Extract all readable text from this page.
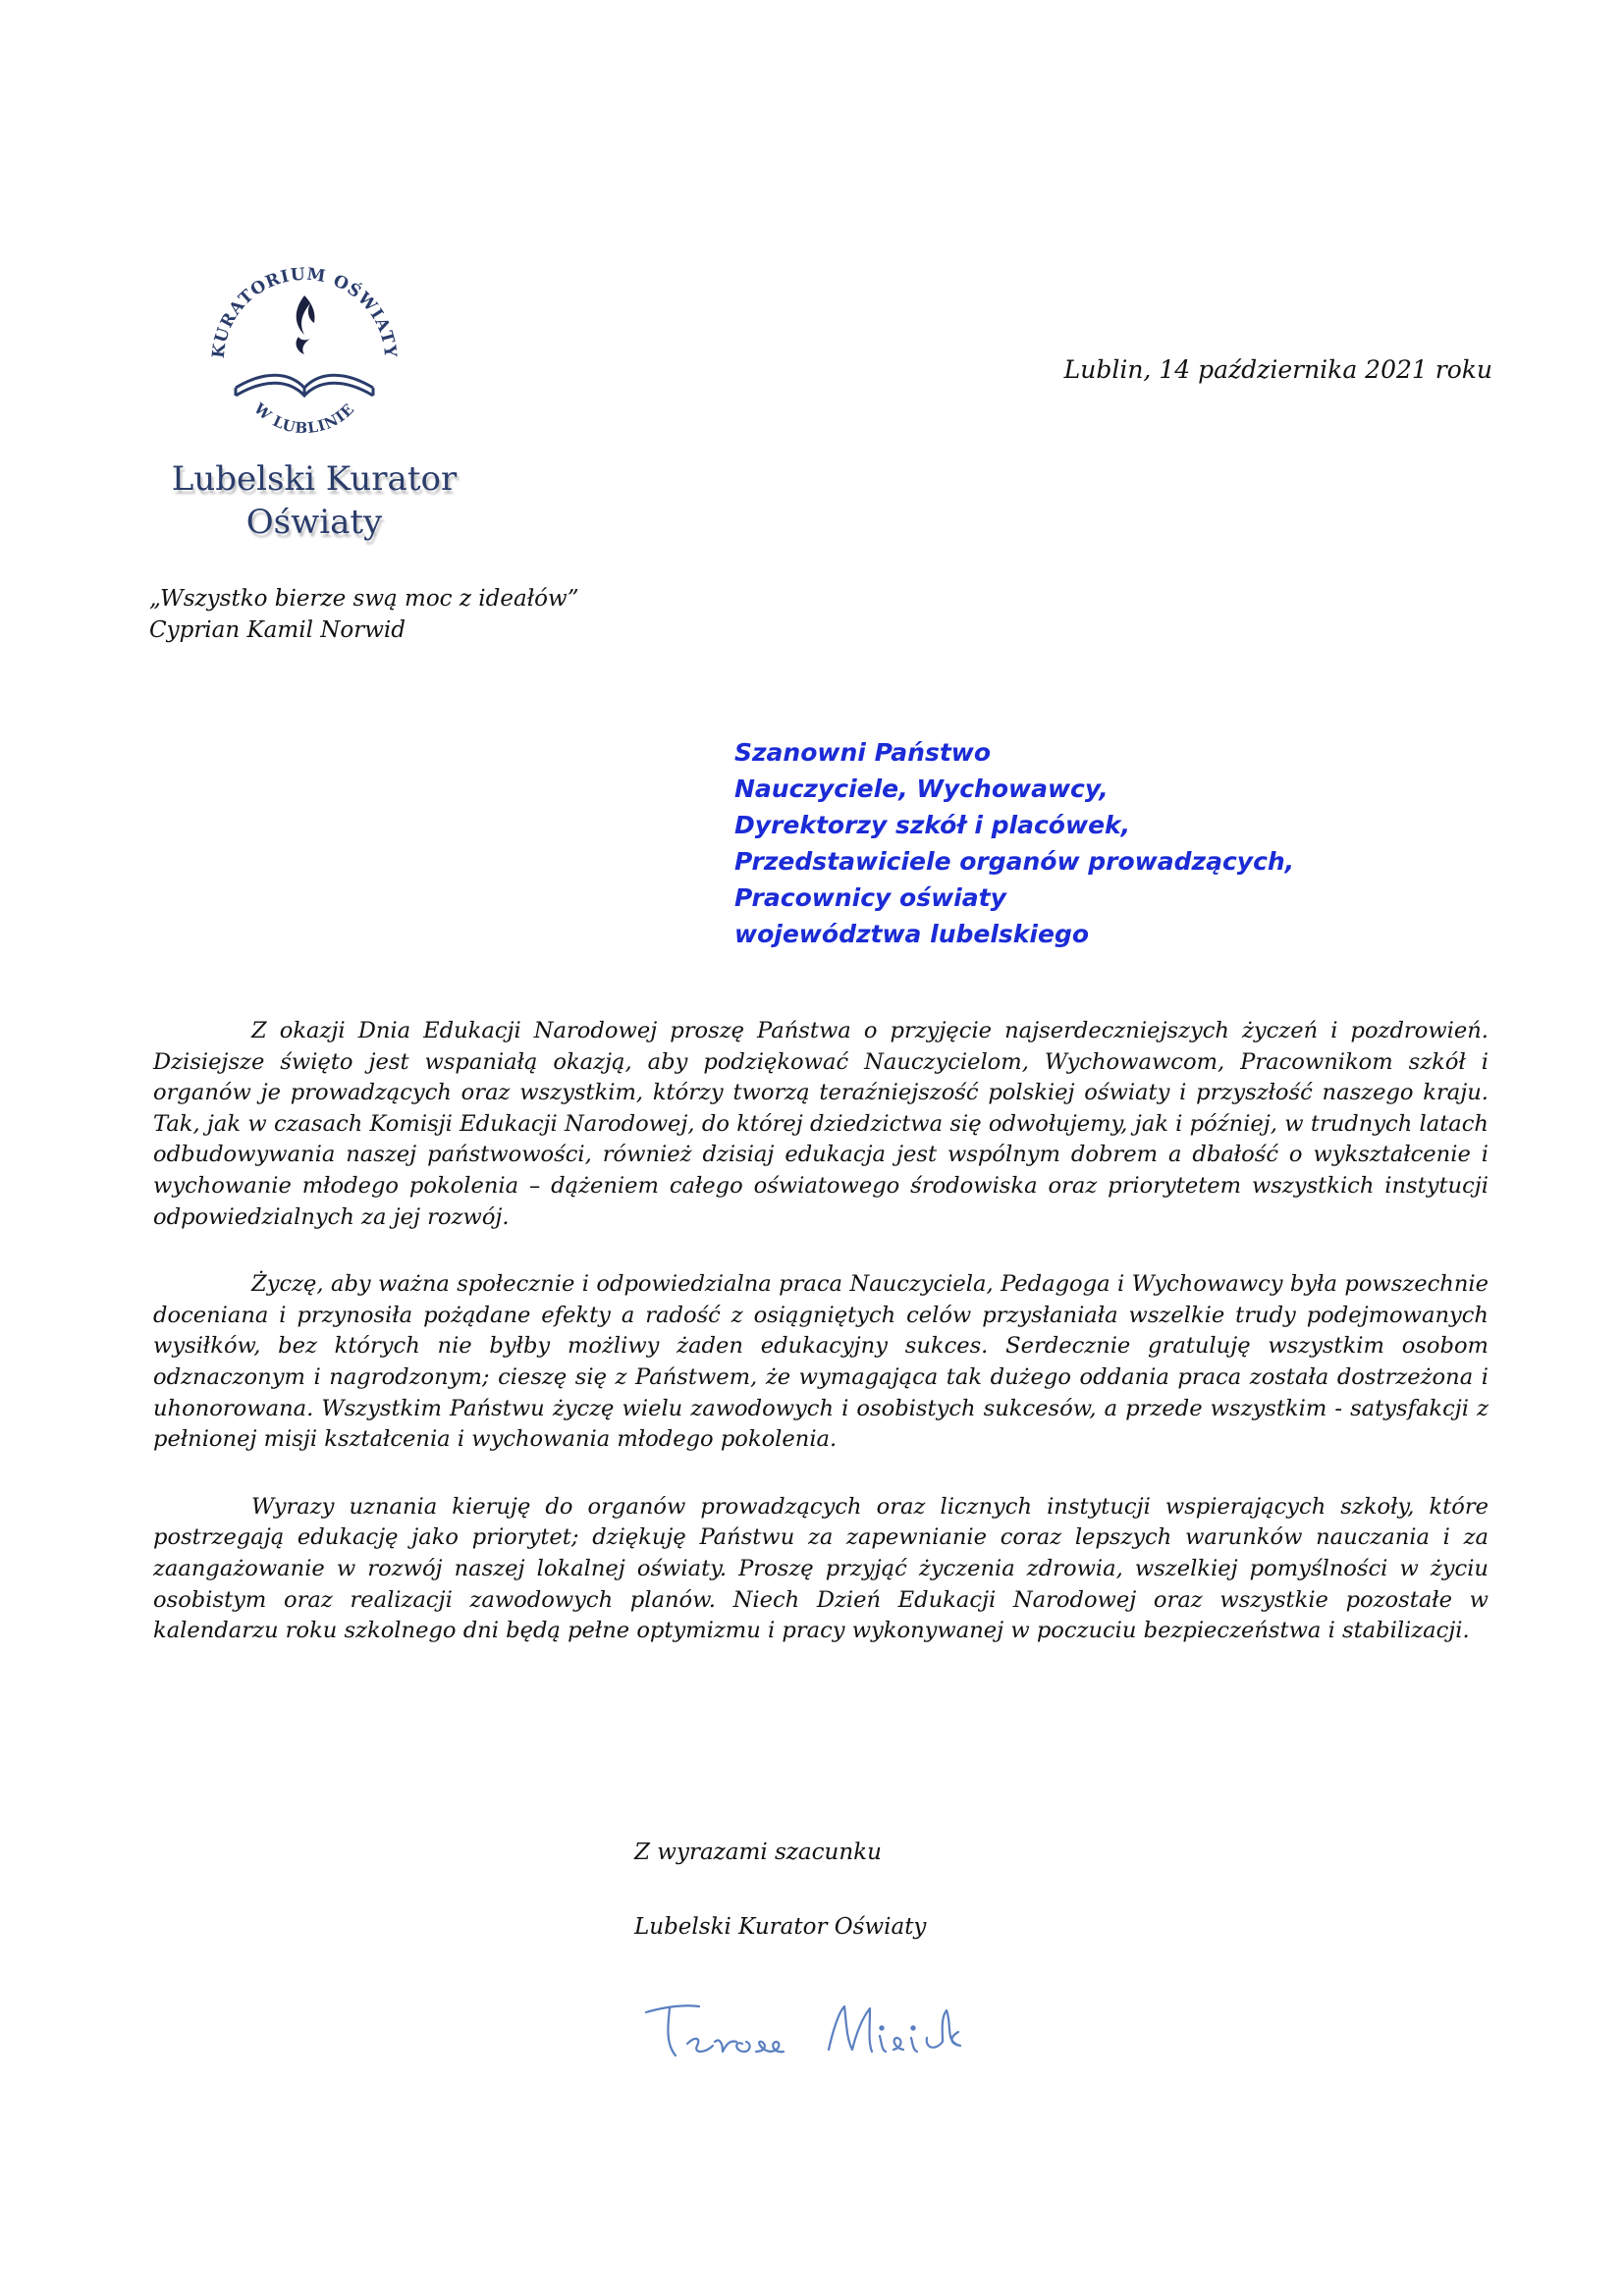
KURATORIUM OŚWIATY
W LUBLINIE
Lubelski Kurator
Oświaty
„Wszystko bierze swą moc z ideałów”
Cyprian Kamil Norwid
Lublin, 14 października 2021 roku
Szanowni Państwo
Nauczyciele, Wychowawcy,
Dyrektorzy szkół i placówek,
Przedstawiciele organów prowadzących,
Pracownicy oświaty
województwa lubelskiego

Z okazji Dnia Edukacji Narodowej proszę Państwa o przyjęcie najserdeczniejszych życzeń i pozdrowień. Dzisiejsze święto jest wspaniałą okazją, aby podziękować Nauczycielom, Wychowawcom, Pracownikom szkół i organów je prowadzących oraz wszystkim, którzy tworzą teraźniejszość polskiej oświaty i przyszłość naszego kraju. Tak, jak w czasach Komisji Edukacji Narodowej, do której dziedzictwa się odwołujemy, jak i później, w trudnych latach odbudowywania naszej państwowości, również dzisiaj edukacja jest wspólnym dobrem a dbałość o wykształcenie i wychowanie młodego pokolenia – dążeniem całego oświatowego środowiska oraz priorytetem wszystkich instytucji odpowiedzialnych za jej rozwój.

Życzę, aby ważna społecznie i odpowiedzialna praca Nauczyciela, Pedagoga i Wychowawcy była powszechnie doceniana i przynosiła pożądane efekty a radość z osiągniętych celów przysłaniała wszelkie trudy podejmowanych wysiłków, bez których nie byłby możliwy żaden edukacyjny sukces. Serdecznie gratuluję wszystkim osobom odznaczonym i nagrodzonym; cieszę się z Państwem, że wymagająca tak dużego oddania praca została dostrzeżona i uhonorowana. Wszystkim Państwu życzę wielu zawodowych i osobistych sukcesów, a przede wszystkim - satysfakcji z pełnionej misji kształcenia i wychowania młodego pokolenia.

Wyrazy uznania kieruję do organów prowadzących oraz licznych instytucji wspierających szkoły, które postrzegają edukację jako priorytet; dziękuję Państwu za zapewnianie coraz lepszych warunków nauczania i za zaangażowanie w rozwój naszej lokalnej oświaty. Proszę przyjąć życzenia zdrowia, wszelkiej pomyślności w życiu osobistym oraz realizacji zawodowych planów. Niech Dzień Edukacji Narodowej oraz wszystkie pozostałe w kalendarzu roku szkolnego dni będą pełne optymizmu i pracy wykonywanej w poczuciu bezpieczeństwa i stabilizacji.

Z wyrazami szacunku
Lubelski Kurator Oświaty
